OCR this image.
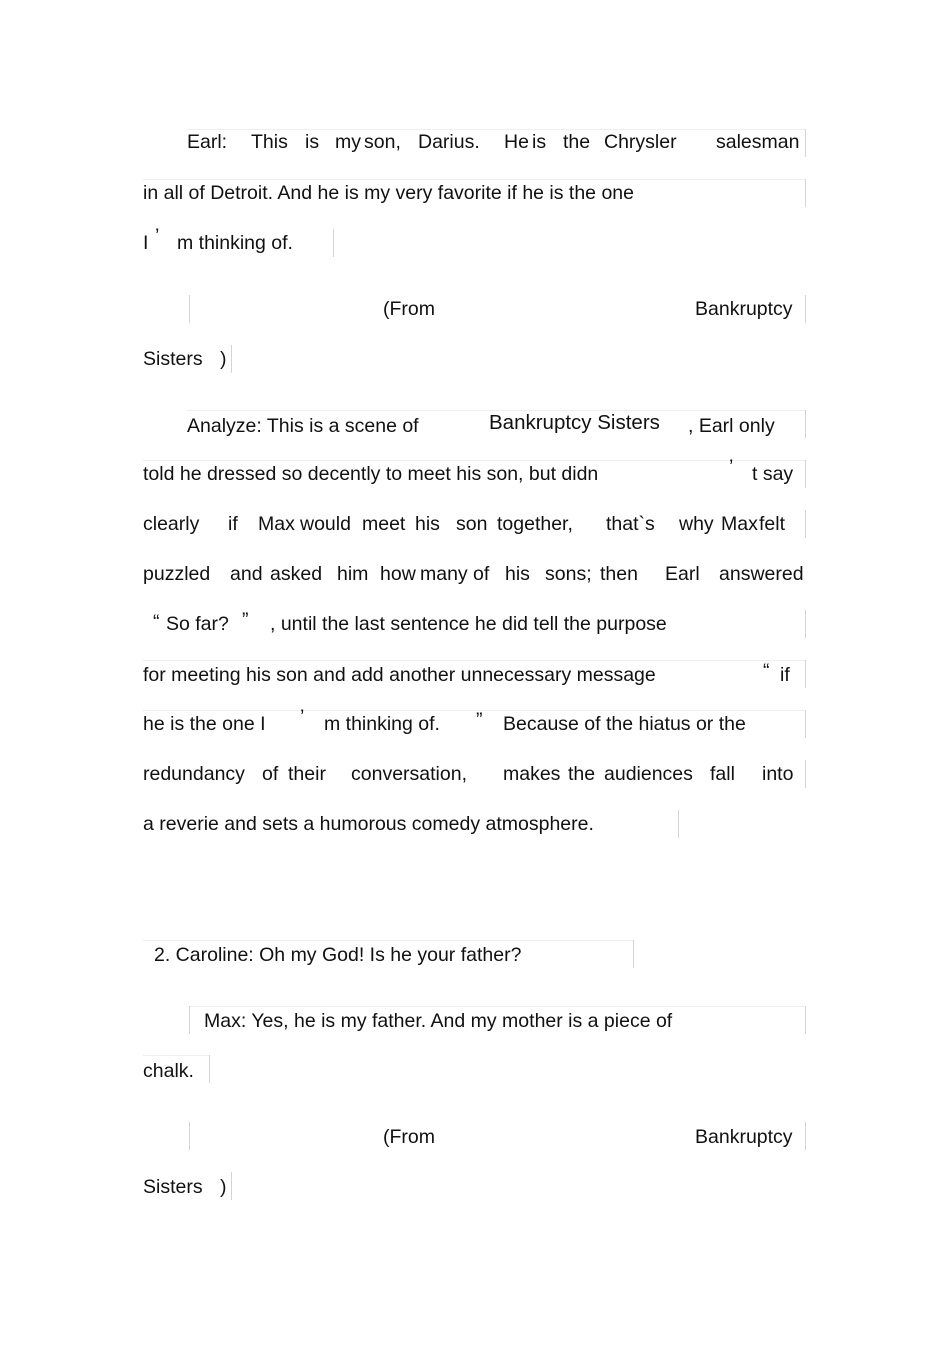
Earl: This is my son, Darius. He is the Chrysler salesman
in all of Detroit. And he is my very favorite if he is the one
I ’ m thinking of.
(From	Bankruptcy
Sisters )
Analyze: This is a scene of	Bankruptcy Sisters , Earl only
told he dressed so decently to meet his son, but didn	’ t say
clearly if Max would meet his son together, that`s why Max felt
puzzled and asked him how many of his sons; then Earl answered
“ So far? ” , until the last sentence he did tell the purpose
for meeting his son and add another unnecessary message	“ if
he is the one I ’ m thinking of. ” Because of the hiatus or the
redundancy of their conversation, makes the audiences fall into
a reverie and sets a humorous comedy atmosphere.
2. Caroline: Oh my God! Is he your father?
Max: Yes, he is my father. And my mother is a piece of
chalk.
(From	Bankruptcy
Sisters )
